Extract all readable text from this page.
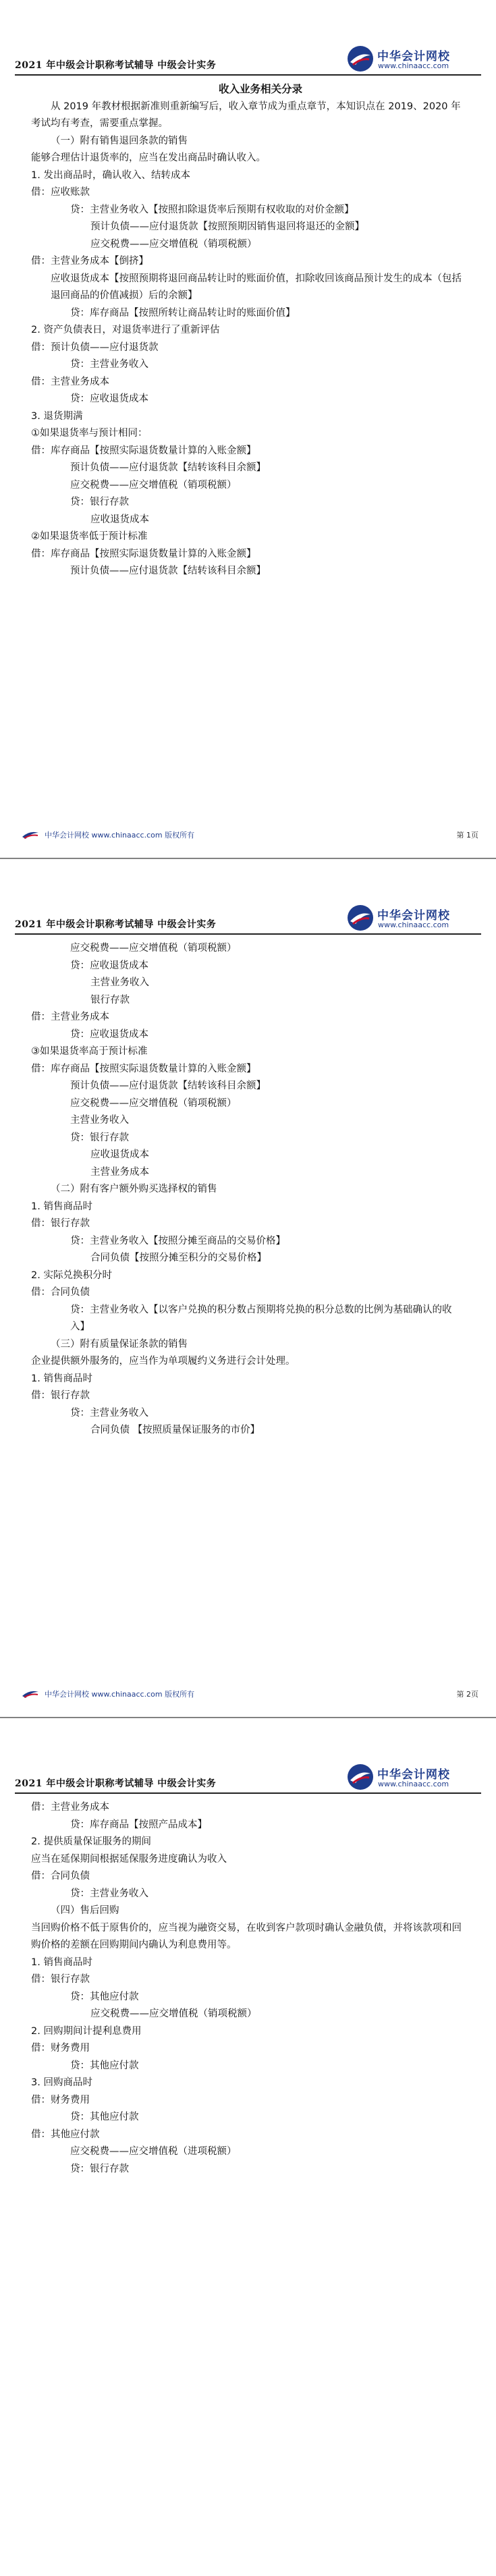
2021 年中级会计职称考试辅导 中级会计实务
中华会计网校
www.chinaacc.com
收入业务相关分录
从 2019 年教材根据新准则重新编写后，收入章节成为重点章节，本知识点在 2019、2020 年考试均有考查，需要重点掌握。
（一）附有销售退回条款的销售
能够合理估计退货率的，应当在发出商品时确认收入。
1. 发出商品时，确认收入、结转成本
借：应收账款
贷：主营业务收入【按照扣除退货率后预期有权收取的对价金额】
预计负债——应付退货款【按照预期因销售退回将退还的金额】
应交税费——应交增值税（销项税额）
借：主营业务成本【倒挤】
应收退货成本【按照预期将退回商品转让时的账面价值，扣除收回该商品预计发生的成本（包括退回商品的价值减损）后的余额】
贷：库存商品【按照所转让商品转让时的账面价值】
2. 资产负债表日，对退货率进行了重新评估
借：预计负债——应付退货款
贷：主营业务收入
借：主营业务成本
贷：应收退货成本
3. 退货期满
①如果退货率与预计相同：
借：库存商品【按照实际退货数量计算的入账金额】
预计负债——应付退货款【结转该科目余额】
应交税费——应交增值税（销项税额）
贷：银行存款
应收退货成本
②如果退货率低于预计标准
借：库存商品【按照实际退货数量计算的入账金额】
预计负债——应付退货款【结转该科目余额】
中华会计网校 www.chinaacc.com 版权所有	第 1页
2021 年中级会计职称考试辅导 中级会计实务
中华会计网校
www.chinaacc.com
应交税费——应交增值税（销项税额）
贷：应收退货成本
主营业务收入
银行存款
借：主营业务成本
贷：应收退货成本
③如果退货率高于预计标准
借：库存商品【按照实际退货数量计算的入账金额】
预计负债——应付退货款【结转该科目余额】
应交税费——应交增值税（销项税额）
主营业务收入
贷：银行存款
应收退货成本
主营业务成本
（二）附有客户额外购买选择权的销售
1. 销售商品时
借：银行存款
贷：主营业务收入【按照分摊至商品的交易价格】
合同负债【按照分摊至积分的交易价格】
2. 实际兑换积分时
借：合同负债
贷：主营业务收入【以客户兑换的积分数占预期将兑换的积分总数的比例为基础确认的收入】
（三）附有质量保证条款的销售
企业提供额外服务的，应当作为单项履约义务进行会计处理。
1. 销售商品时
借：银行存款
贷：主营业务收入
合同负债 【按照质量保证服务的市价】
中华会计网校 www.chinaacc.com 版权所有	第 2页
2021 年中级会计职称考试辅导 中级会计实务
中华会计网校
www.chinaacc.com
借：主营业务成本
贷：库存商品【按照产品成本】
2. 提供质量保证服务的期间
应当在延保期间根据延保服务进度确认为收入
借：合同负债
贷：主营业务收入
（四）售后回购
当回购价格不低于原售价的，应当视为融资交易，在收到客户款项时确认金融负债，并将该款项和回购价格的差额在回购期间内确认为利息费用等。
1. 销售商品时
借：银行存款
贷：其他应付款
应交税费——应交增值税（销项税额）
2. 回购期间计提利息费用
借：财务费用
贷：其他应付款
3. 回购商品时
借：财务费用
贷：其他应付款
借：其他应付款
应交税费——应交增值税（进项税额）
贷：银行存款
